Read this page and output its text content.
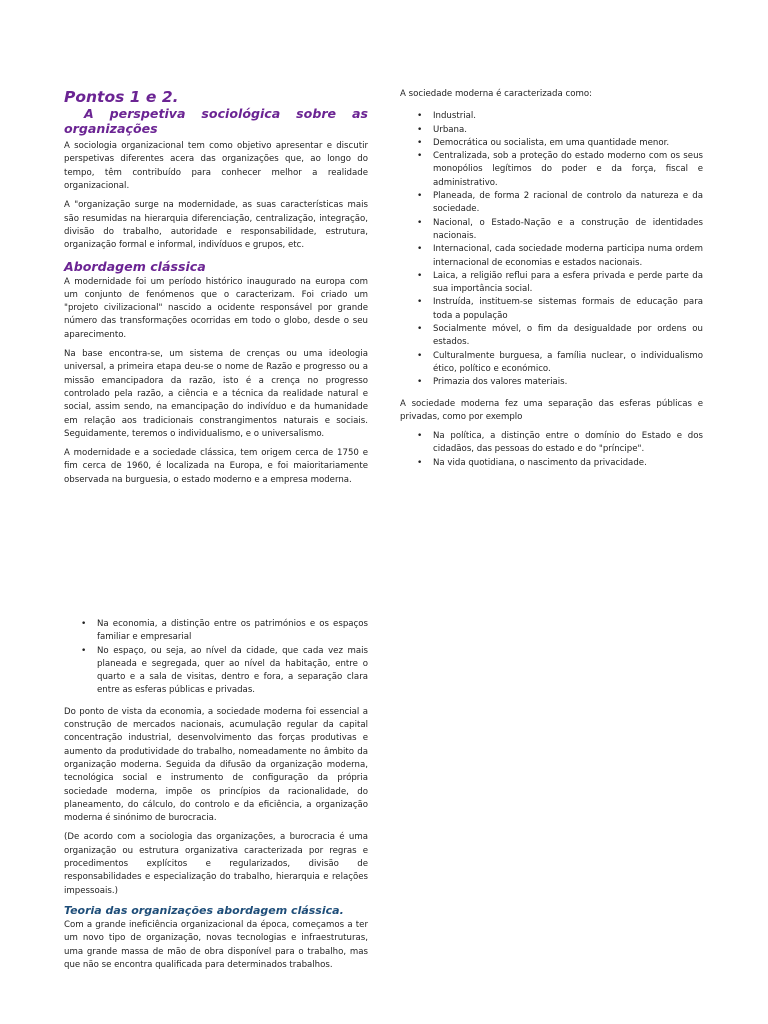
Pontos 1 e 2.
A perspetiva sociológica sobre as organizações

A sociologia organizacional tem como objetivo apresentar e discutir perspetivas diferentes acera das organizações que, ao longo do tempo, têm contribuído para conhecer melhor a realidade organizacional.

A "organização surge na modernidade, as suas características mais são resumidas na hierarquia diferenciação, centralização, integração, divisão do trabalho, autoridade e responsabilidade, estrutura, organização formal e informal, indivíduos e grupos, etc.

Abordagem clássica

A modernidade foi um período histórico inaugurado na europa com um conjunto de fenómenos que o caracterizam. Foi criado um "projeto civilizacional" nascido a ocidente responsável por grande número das transformações ocorridas em todo o globo, desde o seu aparecimento.

Na base encontra-se, um sistema de crenças ou uma ideologia universal, a primeira etapa deu-se o nome de Razão e progresso ou a missão emancipadora da razão, isto é a crença no progresso controlado pela razão, a ciência e a técnica da realidade natural e social, assim sendo, na emancipação do indivíduo e da humanidade em relação aos tradicionais constrangimentos naturais e sociais. Seguidamente, teremos o individualismo, e o universalismo.

A modernidade e a sociedade clássica, tem origem cerca de 1750 e fim cerca de 1960, é localizada na Europa, e foi maioritariamente observada na burguesia, o estado moderno e a empresa moderna.

• Na economia, a distinção entre os patrimónios e os espaços familiar e empresarial
• No espaço, ou seja, ao nível da cidade, que cada vez mais planeada e segregada, quer ao nível da habitação, entre o quarto e a sala de visitas, dentro e fora, a separação clara entre as esferas públicas e privadas.

Do ponto de vista da economia, a sociedade moderna foi essencial a construção de mercados nacionais, acumulação regular da capital concentração industrial, desenvolvimento das forças produtivas e aumento da produtividade do trabalho, nomeadamente no âmbito da organização moderna. Seguida da difusão da organização moderna, tecnológica social e instrumento de configuração da própria sociedade moderna, impõe os princípios da racionalidade, do planeamento, do cálculo, do controlo e da eficiência, a organização moderna é sinónimo de burocracia.

(De acordo com a sociologia das organizações, a burocracia é uma organização ou estrutura organizativa caracterizada por regras e procedimentos explícitos e regularizados, divisão de responsabilidades e especialização do trabalho, hierarquia e relações impessoais.)

Teoria das organizações abordagem clássica.

Com a grande ineficiência organizacional da época, começamos a ter um novo tipo de organização, novas tecnologias e infraestruturas, uma grande massa de mão de obra disponível para o trabalho, mas que não se encontra qualificada para determinados trabalhos.

A sociedade moderna é caracterizada como:

• Industrial.
• Urbana.
• Democrática ou socialista, em uma quantidade menor.
• Centralizada, sob a proteção do estado moderno com os seus monopólios legítimos do poder e da força, fiscal e administrativo.
• Planeada, de forma 2 racional de controlo da natureza e da sociedade.
• Nacional, o Estado-Nação e a construção de identidades nacionais.
• Internacional, cada sociedade moderna participa numa ordem internacional de economias e estados nacionais.
• Laica, a religião reflui para a esfera privada e perde parte da sua importância social.
• Instruída, instituem-se sistemas formais de educação para toda a população
• Socialmente móvel, o fim da desigualdade por ordens ou estados.
• Culturalmente burguesa, a família nuclear, o individualismo ético, político e económico.
• Primazia dos valores materiais.

A sociedade moderna fez uma separação das esferas públicas e privadas, como por exemplo

• Na política, a distinção entre o domínio do Estado e dos cidadãos, das pessoas do estado e do "príncipe".
• Na vida quotidiana, o nascimento da privacidade.
